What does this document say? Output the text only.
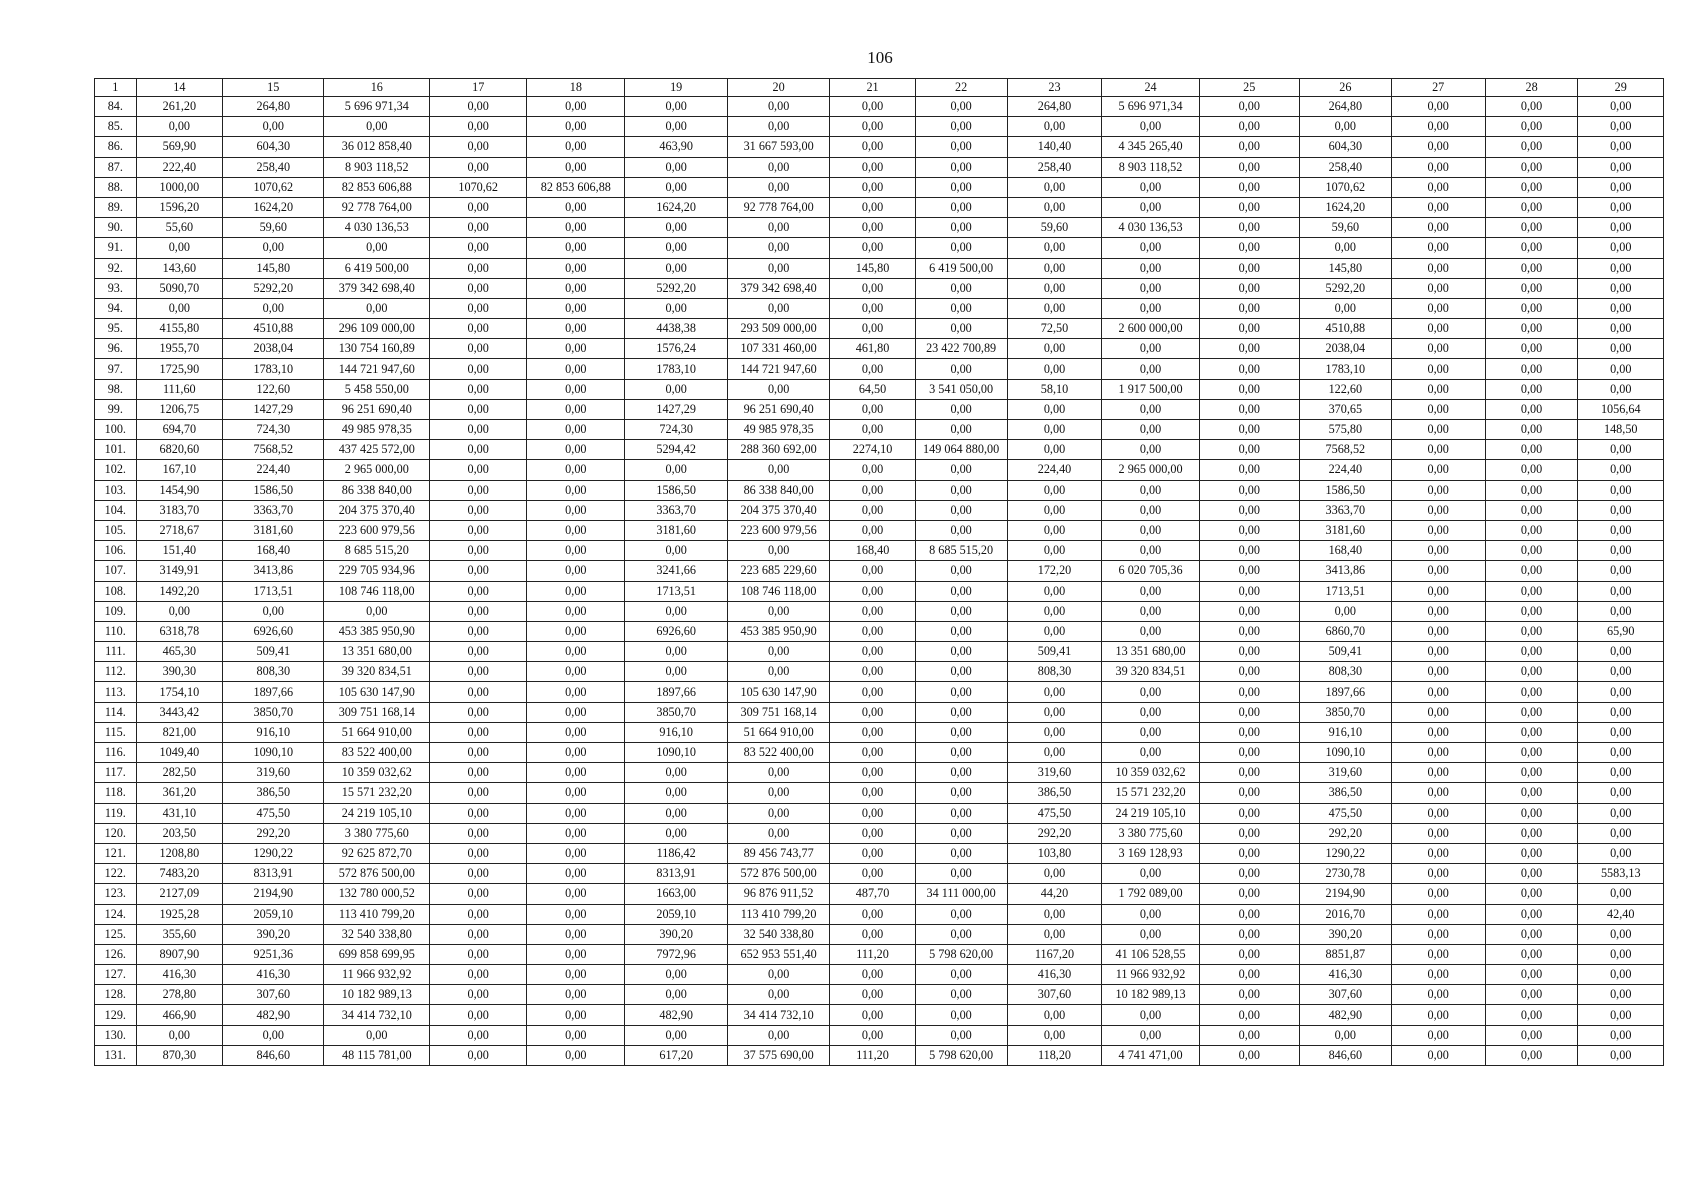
106
1	14	15	16	17	18	19	20	21	22	23	24	25	26	27	28	29
84.	261,20	264,80	5 696 971,34	0,00	0,00	0,00	0,00	0,00	0,00	264,80	5 696 971,34	0,00	264,80	0,00	0,00	0,00
85.	0,00	0,00	0,00	0,00	0,00	0,00	0,00	0,00	0,00	0,00	0,00	0,00	0,00	0,00	0,00	0,00
86.	569,90	604,30	36 012 858,40	0,00	0,00	463,90	31 667 593,00	0,00	0,00	140,40	4 345 265,40	0,00	604,30	0,00	0,00	0,00
87.	222,40	258,40	8 903 118,52	0,00	0,00	0,00	0,00	0,00	0,00	258,40	8 903 118,52	0,00	258,40	0,00	0,00	0,00
88.	1000,00	1070,62	82 853 606,88	1070,62	82 853 606,88	0,00	0,00	0,00	0,00	0,00	0,00	0,00	1070,62	0,00	0,00	0,00
89.	1596,20	1624,20	92 778 764,00	0,00	0,00	1624,20	92 778 764,00	0,00	0,00	0,00	0,00	0,00	1624,20	0,00	0,00	0,00
90.	55,60	59,60	4 030 136,53	0,00	0,00	0,00	0,00	0,00	0,00	59,60	4 030 136,53	0,00	59,60	0,00	0,00	0,00
91.	0,00	0,00	0,00	0,00	0,00	0,00	0,00	0,00	0,00	0,00	0,00	0,00	0,00	0,00	0,00	0,00
92.	143,60	145,80	6 419 500,00	0,00	0,00	0,00	0,00	145,80	6 419 500,00	0,00	0,00	0,00	145,80	0,00	0,00	0,00
93.	5090,70	5292,20	379 342 698,40	0,00	0,00	5292,20	379 342 698,40	0,00	0,00	0,00	0,00	0,00	5292,20	0,00	0,00	0,00
94.	0,00	0,00	0,00	0,00	0,00	0,00	0,00	0,00	0,00	0,00	0,00	0,00	0,00	0,00	0,00	0,00
95.	4155,80	4510,88	296 109 000,00	0,00	0,00	4438,38	293 509 000,00	0,00	0,00	72,50	2 600 000,00	0,00	4510,88	0,00	0,00	0,00
96.	1955,70	2038,04	130 754 160,89	0,00	0,00	1576,24	107 331 460,00	461,80	23 422 700,89	0,00	0,00	0,00	2038,04	0,00	0,00	0,00
97.	1725,90	1783,10	144 721 947,60	0,00	0,00	1783,10	144 721 947,60	0,00	0,00	0,00	0,00	0,00	1783,10	0,00	0,00	0,00
98.	111,60	122,60	5 458 550,00	0,00	0,00	0,00	0,00	64,50	3 541 050,00	58,10	1 917 500,00	0,00	122,60	0,00	0,00	0,00
99.	1206,75	1427,29	96 251 690,40	0,00	0,00	1427,29	96 251 690,40	0,00	0,00	0,00	0,00	0,00	370,65	0,00	0,00	1056,64
100.	694,70	724,30	49 985 978,35	0,00	0,00	724,30	49 985 978,35	0,00	0,00	0,00	0,00	0,00	575,80	0,00	0,00	148,50
101.	6820,60	7568,52	437 425 572,00	0,00	0,00	5294,42	288 360 692,00	2274,10	149 064 880,00	0,00	0,00	0,00	7568,52	0,00	0,00	0,00
102.	167,10	224,40	2 965 000,00	0,00	0,00	0,00	0,00	0,00	0,00	224,40	2 965 000,00	0,00	224,40	0,00	0,00	0,00
103.	1454,90	1586,50	86 338 840,00	0,00	0,00	1586,50	86 338 840,00	0,00	0,00	0,00	0,00	0,00	1586,50	0,00	0,00	0,00
104.	3183,70	3363,70	204 375 370,40	0,00	0,00	3363,70	204 375 370,40	0,00	0,00	0,00	0,00	0,00	3363,70	0,00	0,00	0,00
105.	2718,67	3181,60	223 600 979,56	0,00	0,00	3181,60	223 600 979,56	0,00	0,00	0,00	0,00	0,00	3181,60	0,00	0,00	0,00
106.	151,40	168,40	8 685 515,20	0,00	0,00	0,00	0,00	168,40	8 685 515,20	0,00	0,00	0,00	168,40	0,00	0,00	0,00
107.	3149,91	3413,86	229 705 934,96	0,00	0,00	3241,66	223 685 229,60	0,00	0,00	172,20	6 020 705,36	0,00	3413,86	0,00	0,00	0,00
108.	1492,20	1713,51	108 746 118,00	0,00	0,00	1713,51	108 746 118,00	0,00	0,00	0,00	0,00	0,00	1713,51	0,00	0,00	0,00
109.	0,00	0,00	0,00	0,00	0,00	0,00	0,00	0,00	0,00	0,00	0,00	0,00	0,00	0,00	0,00	0,00
110.	6318,78	6926,60	453 385 950,90	0,00	0,00	6926,60	453 385 950,90	0,00	0,00	0,00	0,00	0,00	6860,70	0,00	0,00	65,90
111.	465,30	509,41	13 351 680,00	0,00	0,00	0,00	0,00	0,00	0,00	509,41	13 351 680,00	0,00	509,41	0,00	0,00	0,00
112.	390,30	808,30	39 320 834,51	0,00	0,00	0,00	0,00	0,00	0,00	808,30	39 320 834,51	0,00	808,30	0,00	0,00	0,00
113.	1754,10	1897,66	105 630 147,90	0,00	0,00	1897,66	105 630 147,90	0,00	0,00	0,00	0,00	0,00	1897,66	0,00	0,00	0,00
114.	3443,42	3850,70	309 751 168,14	0,00	0,00	3850,70	309 751 168,14	0,00	0,00	0,00	0,00	0,00	3850,70	0,00	0,00	0,00
115.	821,00	916,10	51 664 910,00	0,00	0,00	916,10	51 664 910,00	0,00	0,00	0,00	0,00	0,00	916,10	0,00	0,00	0,00
116.	1049,40	1090,10	83 522 400,00	0,00	0,00	1090,10	83 522 400,00	0,00	0,00	0,00	0,00	0,00	1090,10	0,00	0,00	0,00
117.	282,50	319,60	10 359 032,62	0,00	0,00	0,00	0,00	0,00	0,00	319,60	10 359 032,62	0,00	319,60	0,00	0,00	0,00
118.	361,20	386,50	15 571 232,20	0,00	0,00	0,00	0,00	0,00	0,00	386,50	15 571 232,20	0,00	386,50	0,00	0,00	0,00
119.	431,10	475,50	24 219 105,10	0,00	0,00	0,00	0,00	0,00	0,00	475,50	24 219 105,10	0,00	475,50	0,00	0,00	0,00
120.	203,50	292,20	3 380 775,60	0,00	0,00	0,00	0,00	0,00	0,00	292,20	3 380 775,60	0,00	292,20	0,00	0,00	0,00
121.	1208,80	1290,22	92 625 872,70	0,00	0,00	1186,42	89 456 743,77	0,00	0,00	103,80	3 169 128,93	0,00	1290,22	0,00	0,00	0,00
122.	7483,20	8313,91	572 876 500,00	0,00	0,00	8313,91	572 876 500,00	0,00	0,00	0,00	0,00	0,00	2730,78	0,00	0,00	5583,13
123.	2127,09	2194,90	132 780 000,52	0,00	0,00	1663,00	96 876 911,52	487,70	34 111 000,00	44,20	1 792 089,00	0,00	2194,90	0,00	0,00	0,00
124.	1925,28	2059,10	113 410 799,20	0,00	0,00	2059,10	113 410 799,20	0,00	0,00	0,00	0,00	0,00	2016,70	0,00	0,00	42,40
125.	355,60	390,20	32 540 338,80	0,00	0,00	390,20	32 540 338,80	0,00	0,00	0,00	0,00	0,00	390,20	0,00	0,00	0,00
126.	8907,90	9251,36	699 858 699,95	0,00	0,00	7972,96	652 953 551,40	111,20	5 798 620,00	1167,20	41 106 528,55	0,00	8851,87	0,00	0,00	0,00
127.	416,30	416,30	11 966 932,92	0,00	0,00	0,00	0,00	0,00	0,00	416,30	11 966 932,92	0,00	416,30	0,00	0,00	0,00
128.	278,80	307,60	10 182 989,13	0,00	0,00	0,00	0,00	0,00	0,00	307,60	10 182 989,13	0,00	307,60	0,00	0,00	0,00
129.	466,90	482,90	34 414 732,10	0,00	0,00	482,90	34 414 732,10	0,00	0,00	0,00	0,00	0,00	482,90	0,00	0,00	0,00
130.	0,00	0,00	0,00	0,00	0,00	0,00	0,00	0,00	0,00	0,00	0,00	0,00	0,00	0,00	0,00	0,00
131.	870,30	846,60	48 115 781,00	0,00	0,00	617,20	37 575 690,00	111,20	5 798 620,00	118,20	4 741 471,00	0,00	846,60	0,00	0,00	0,00
